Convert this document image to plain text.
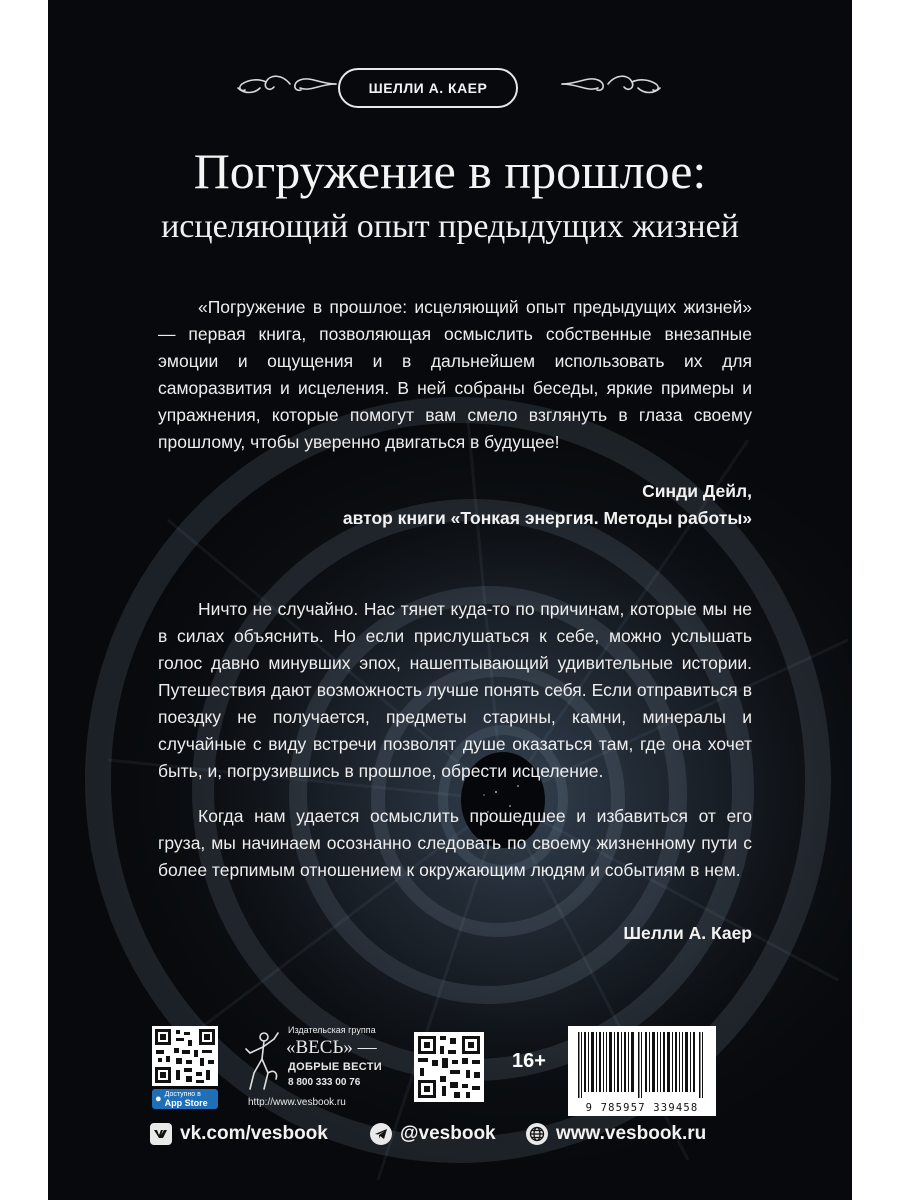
ШЕЛЛИ А. КАЕР
Погружение в прошлое:
исцеляющий опыт предыдущих жизней

«Погружение в прошлое: исцеляющий опыт предыдущих жизней» — первая книга, позволяющая осмыслить собственные внезапные эмоции и ощущения и в дальнейшем использовать их для саморазвития и исцеления. В ней собраны беседы, яркие примеры и упражнения, которые помогут вам смело взглянуть в глаза своему прошлому, чтобы уверенно двигаться в будущее!

Синди Дейл,
автор книги «Тонкая энергия. Методы работы»

Ничто не случайно. Нас тянет куда-то по причинам, которые мы не в силах объяснить. Но если прислушаться к себе, можно услышать голос давно минувших эпох, нашептывающий удивительные истории. Путешествия дают возможность лучше понять себя. Если отправиться в поездку не получается, предметы старины, камни, минералы и случайные с виду встречи позволят душе оказаться там, где она хочет быть, и, погрузившись в прошлое, обрести исцеление.

Когда нам удается осмыслить прошедшее и избавиться от его груза, мы начинаем осознанно следовать по своему жизненному пути с более терпимым отношением к окружающим людям и событиям в нем.

Шелли А. Каер
● Доступно в
App Store
Издательская группа
«ВЕСЬ» —
ДОБРЫЕ ВЕСТИ
8 800 333 00 76
http://www.vesbook.ru
16+
9 785957 339458
vk.com/vesbook	@vesbook	www.vesbook.ru
